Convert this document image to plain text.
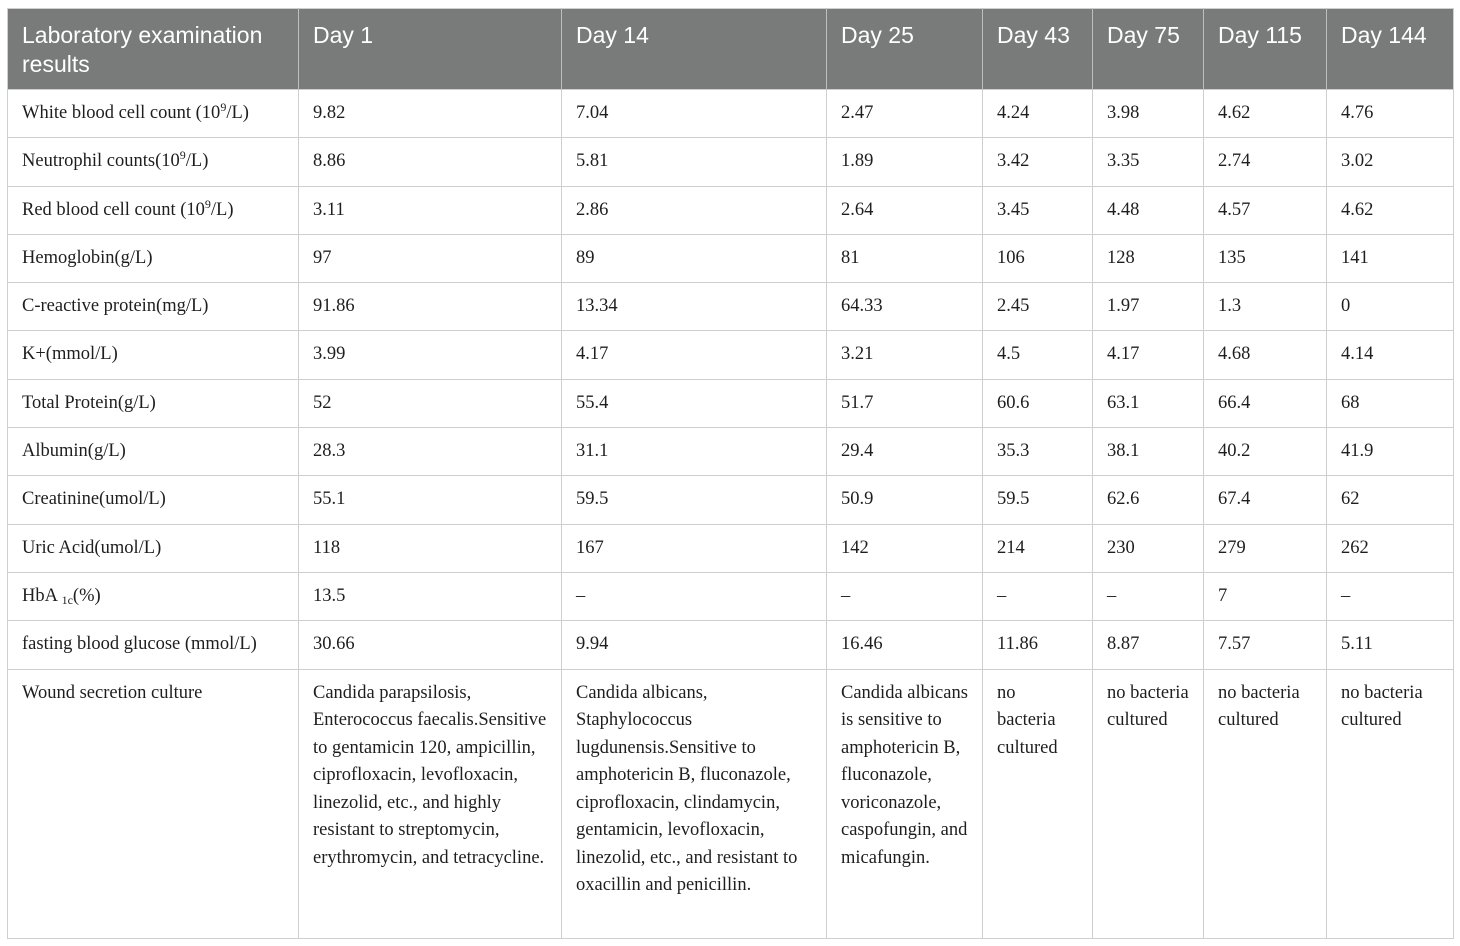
Laboratory examination results	Day 1	Day 14	Day 25	Day 43	Day 75	Day 115	Day 144
White blood cell count $(10^9/L)$	9.82	7.04	2.47	4.24	3.98	4.62	4.76
Neutrophil $counts(10^9/L)$	8.86	5.81	1.89	3.42	3.35	2.74	3.02
Red blood cell count $(10^9/L)$	3.11	2.86	2.64	3.45	4.48	4.57	4.62
Hemoglobin(g/L)	97	89	81	106	128	135	141
C-reactive protein(mg/L)	91.86	13.34	64.33	2.45	1.97	1.3	0
K+(mmol/L)	3.99	4.17	3.21	4.5	4.17	4.68	4.14
Total Protein(g/L)	52	55.4	51.7	60.6	63.1	66.4	68
Albumin(g/L)	28.3	31.1	29.4	35.3	38.1	40.2	41.9
Creatinine(umol/L)	55.1	59.5	50.9	59.5	62.6	67.4	62
Uric Acid(umol/L)	118	167	142	214	230	279	262
HbA $_{1c}$(%)	13.5	–	–	–	–	7	–
fasting blood glucose (mmol/L)	30.66	9.94	16.46	11.86	8.87	7.57	5.11
Wound secretion culture	Candida parapsilosis, Enterococcus faecalis.Sensitive to gentamicin 120, ampicillin, ciprofloxacin, levofloxacin, linezolid, etc., and highly resistant to streptomycin, erythromycin, and tetracycline.	Candida albicans, Staphylococcus lugdunensis.Sensitive to amphotericin B, fluconazole, ciprofloxacin, clindamycin, gentamicin, levofloxacin, linezolid, etc., and resistant to oxacillin and penicillin.	Candida albicans is sensitive to amphotericin B, fluconazole, voriconazole, caspofungin, and micafungin.	no bacteria cultured	no bacteria cultured	no bacteria cultured	no bacteria cultured
